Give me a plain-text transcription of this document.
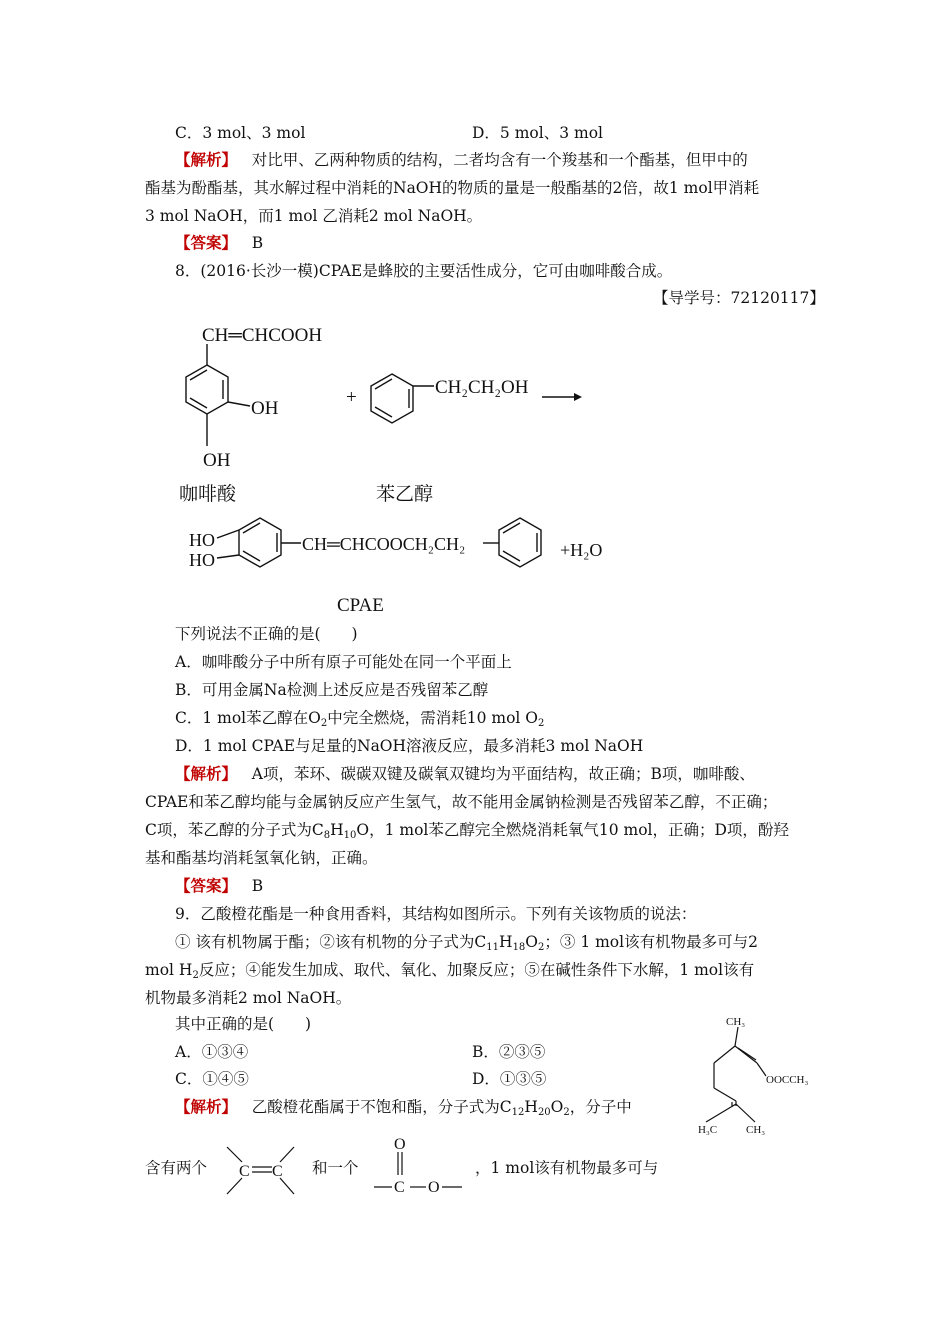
C．3 mol、3 mol	D．5 mol、3 mol
【解析】 对比甲、乙两种物质的结构，二者均含有一个羧基和一个酯基，但甲中的
酯基为酚酯基，其水解过程中消耗的NaOH的物质的量是一般酯基的2倍，故1 mol甲消耗
3 mol NaOH，而1 mol 乙消耗2 mol NaOH。
【答案】 B
8．(2016·长沙一模)CPAE是蜂胶的主要活性成分，它可由咖啡酸合成。
【导学号：72120117】
CH═CHCOOH
OH
OH
+	CH₂CH₂OH
咖啡酸	苯乙醇
HO
HO
CH═CHCOOCH₂CH₂	+H₂O
CPAE
下列说法不正确的是(　　)
A．咖啡酸分子中所有原子可能处在同一个平面上
B．可用金属Na检测上述反应是否残留苯乙醇
C．1 mol苯乙醇在$O_2$中完全燃烧，需消耗10 mol $O_2$
D．1 mol CPAE与足量的NaOH溶液反应，最多消耗3 mol NaOH
【解析】 A项，苯环、碳碳双键及碳氧双键均为平面结构，故正确；B项，咖啡酸、
CPAE和苯乙醇均能与金属钠反应产生氢气，故不能用金属钠检测是否残留苯乙醇，不正确；
C项，苯乙醇的分子式为$C_8H_{10}O$，1 mol苯乙醇完全燃烧消耗氧气10 mol，正确；D项，酚羟
基和酯基均消耗氢氧化钠，正确。
【答案】 B
9．乙酸橙花酯是一种食用香料，其结构如图所示。下列有关该物质的说法：
① 该有机物属于酯；②该有机物的分子式为$C_{11}H_{18}O_2$；③ 1 mol该有机物最多可与2
mol $H_2$反应；④能发生加成、取代、氧化、加聚反应；⑤在碱性条件下水解，1 mol该有
机物最多消耗2 mol NaOH。
其中正确的是(　　)
A．①③④	B．②③⑤
C．①④⑤	D．①③⑤
【解析】 乙酸橙花酯属于不饱和酯，分子式为$C_{12}H_{20}O_2$，分子中
CH₃
OOCCH₃
H₃C	CH₃
含有两个 C C 和一个
O
C O
，1 mol该有机物最多可与
